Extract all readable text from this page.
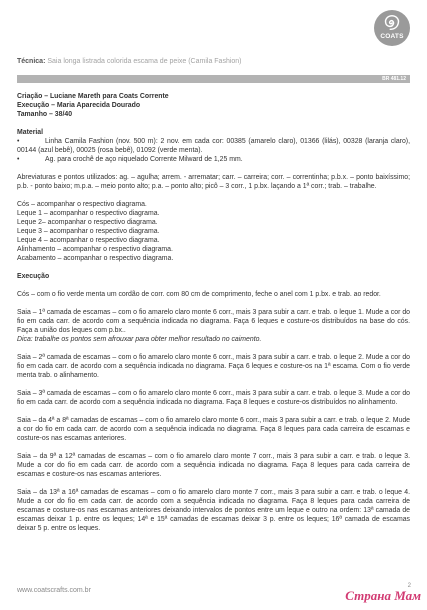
COATS
Técnica: Saia longa listrada colorida escama de peixe (Camila Fashion)
BR 481.12

Criação – Luciane Mareth para Coats Corrente

Execução – Maria Aparecida Dourado

Tamanho – 38/40

Material

•	Linha Camila Fashion (nov. 500 m): 2 nov. em cada cor: 00385 (amarelo claro), 01366 (lilás), 00328 (laranja claro), 00144 (azul bebê), 00025 (rosa bebê), 01092 (verde menta).

•	Ag. para crochê de aço niquelado Corrente Milward de 1,25 mm.

Abreviaturas e pontos utilizados: ag. – agulha; arrem. - arrematar; carr. – carreira; corr. – correntinha; p.b.x. – ponto baixíssimo; p.b. - ponto baixo; m.p.a. – meio ponto alto; p.a. – ponto alto; picô – 3 corr., 1 p.bx. laçando a 1ª corr.; trab. – trabalhe.

Cós – acompanhar o respectivo diagrama.

Leque 1 – acompanhar o respectivo diagrama.

Leque 2– acompanhar o respectivo diagrama.

Leque 3 – acompanhar o respectivo diagrama.

Leque 4 – acompanhar o respectivo diagrama.

Alinhamento – acompanhar o respectivo diagrama.

Acabamento – acompanhar o respectivo diagrama.

Execução

Cós – com o fio verde menta um cordão de corr. com 80 cm de comprimento, feche o anel com 1 p.bx. e trab. ao redor.

Saia – 1ª camada de escamas – com o fio amarelo claro monte 6 corr., mais 3 para subir a carr. e trab. o leque 1. Mude a cor do fio em cada carr. de acordo com a sequência indicada no diagrama. Faça 6 leques e costure-os distribuídos na base do cós. Faça a união dos leques com p.bx..

Dica: trabalhe os pontos sem afrouxar para obter melhor resultado no caimento.

Saia – 2ª camada de escamas – com o fio amarelo claro monte 6 corr., mais 3 para subir a carr. e trab. o leque 2. Mude a cor do fio em cada carr. de acordo com a sequência indicada no diagrama. Faça 6 leques e costure-os na 1ª escama. Com o fio verde menta trab. o alinhamento.

Saia – 3ª camada de escamas – com o fio amarelo claro monte 6 corr., mais 3 para subir a carr. e trab. o leque 3. Mude a cor do fio em cada carr. de acordo com a sequência indicada no diagrama. Faça 8 leques e costure-os distribuídos no alinhamento.

Saia – da 4ª a 8ª camadas de escamas – com o fio amarelo claro monte 6 corr., mais 3 para subir a carr. e trab. o leque 2. Mude a cor do fio em cada carr. de acordo com a sequência indicada no diagrama. Faça 8 leques para cada carreira de escamas e costure-os nas escamas anteriores.

Saia – da 9ª a 12ª camadas de escamas – com o fio amarelo claro monte 7 corr., mais 3 para subir a carr. e trab. o leque 3. Mude a cor do fio em cada carr. de acordo com a sequência indicada no diagrama. Faça 8 leques para cada carreira de escamas e costure-os nas escamas anteriores.

Saia – da 13ª a 16ª camadas de escamas – com o fio amarelo claro monte 7 corr., mais 3 para subir a carr. e trab. o leque 4. Mude a cor do fio em cada carr. de acordo com a sequência indicada no diagrama. Faça 8 leques para cada carreira de escamas e costure-os nas escamas anteriores deixando intervalos de pontos entre um leque e outro na ordem: 13ª camada de escamas deixar 1 p. entre os leques; 14ª e 15ª camadas de escamas deixar 3 p. entre os leques; 16ª camada de escamas deixar 5 p. entre os leques.

www.coatscrafts.com.br
2
Страна Мам
